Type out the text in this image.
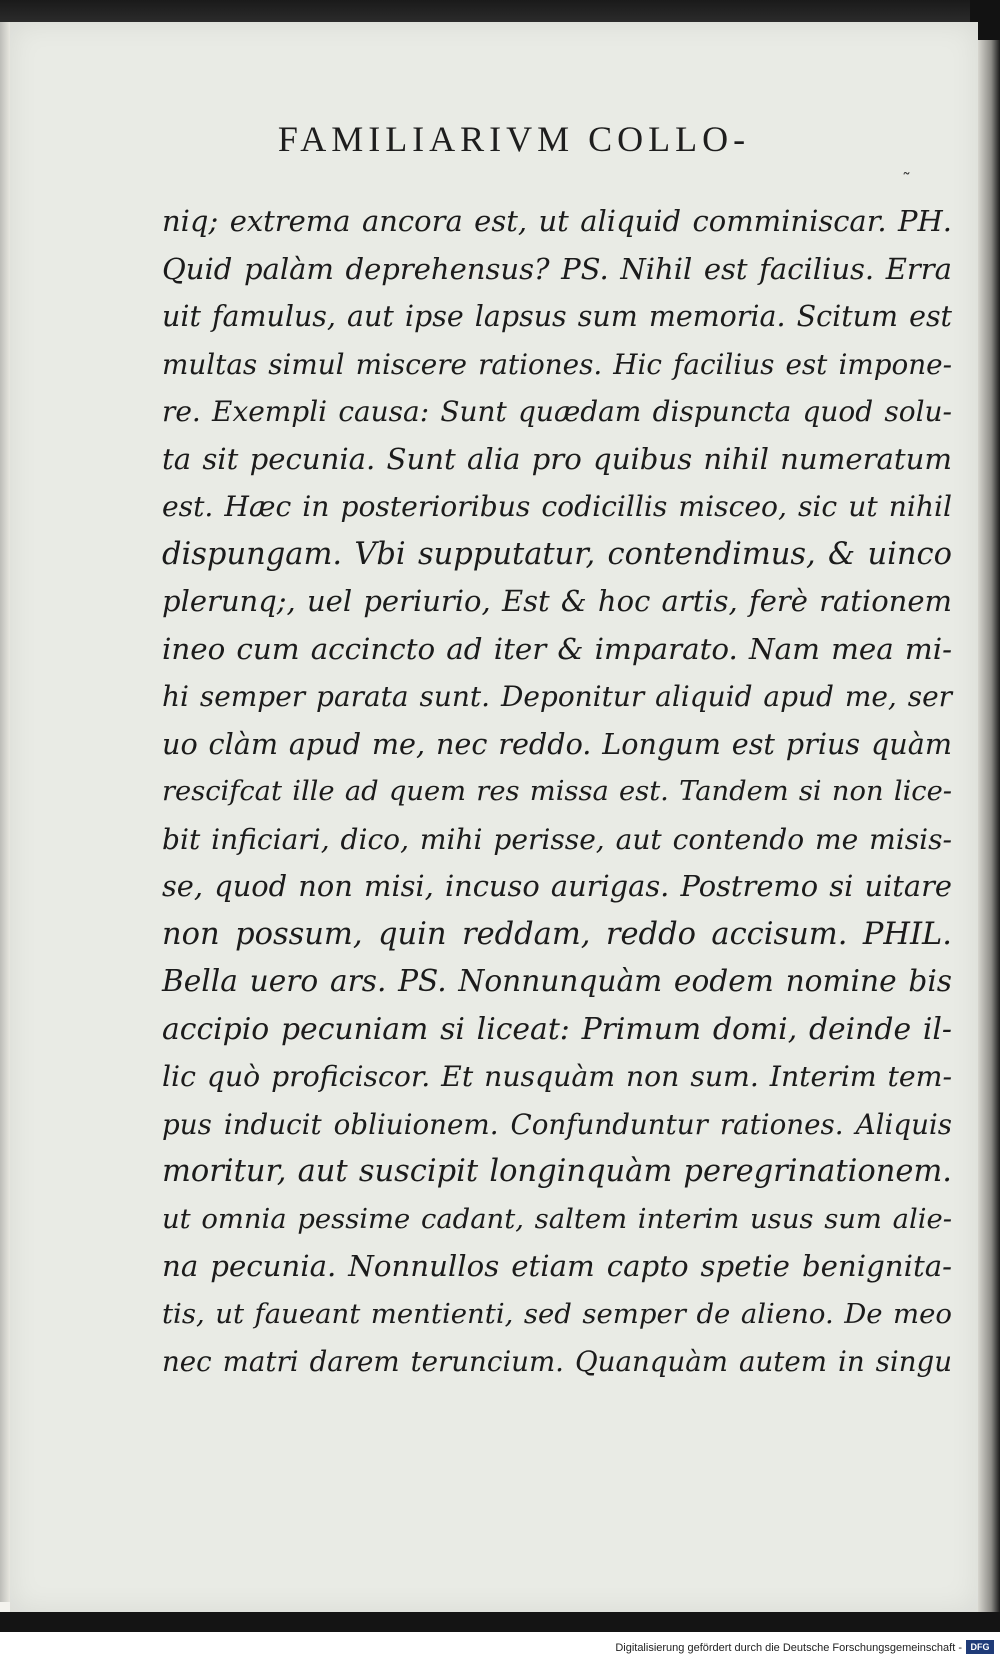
FAMILIARIVM COLLO-
˜
niq; extrema ancora est, ut aliquid comminiscar. PH.
Quid palàm deprehensus? PS. Nihil est facilius. Erra
uit famulus, aut ipse lapsus sum memoria. Scitum est
multas simul miscere rationes. Hic facilius est impone-
re. Exempli causa: Sunt quædam dispuncta quod solu-
ta sit pecunia. Sunt alia pro quibus nihil numeratum
est. Hæc in posterioribus codicillis misceo, sic ut nihil
dispungam. Vbi supputatur, contendimus, & uinco
plerunq;, uel periurio, Est & hoc artis, ferè rationem
ineo cum accincto ad iter & imparato. Nam mea mi-
hi semper parata sunt. Deponitur aliquid apud me, ser
uo clàm apud me, nec reddo. Longum est prius quàm
rescifcat ille ad quem res missa est. Tandem si non lice-
bit inficiari, dico, mihi perisse, aut contendo me misis-
se, quod non misi, incuso aurigas. Postremo si uitare
non possum, quin reddam, reddo accisum. PHIL.
Bella uero ars. PS. Nonnunquàm eodem nomine bis
accipio pecuniam si liceat: Primum domi, deinde il-
lic quò proficiscor. Et nusquàm non sum. Interim tem-
pus inducit obliuionem. Confunduntur rationes. Aliquis
moritur, aut suscipit longinquàm peregrinationem.
ut omnia pessime cadant, saltem interim usus sum alie-
na pecunia. Nonnullos etiam capto spetie benignita-
tis, ut faueant mentienti, sed semper de alieno. De meo
nec matri darem teruncium. Quanquàm autem in singu
Digitalisierung gefördert durch die Deutsche Forschungsgemeinschaft - DFG
